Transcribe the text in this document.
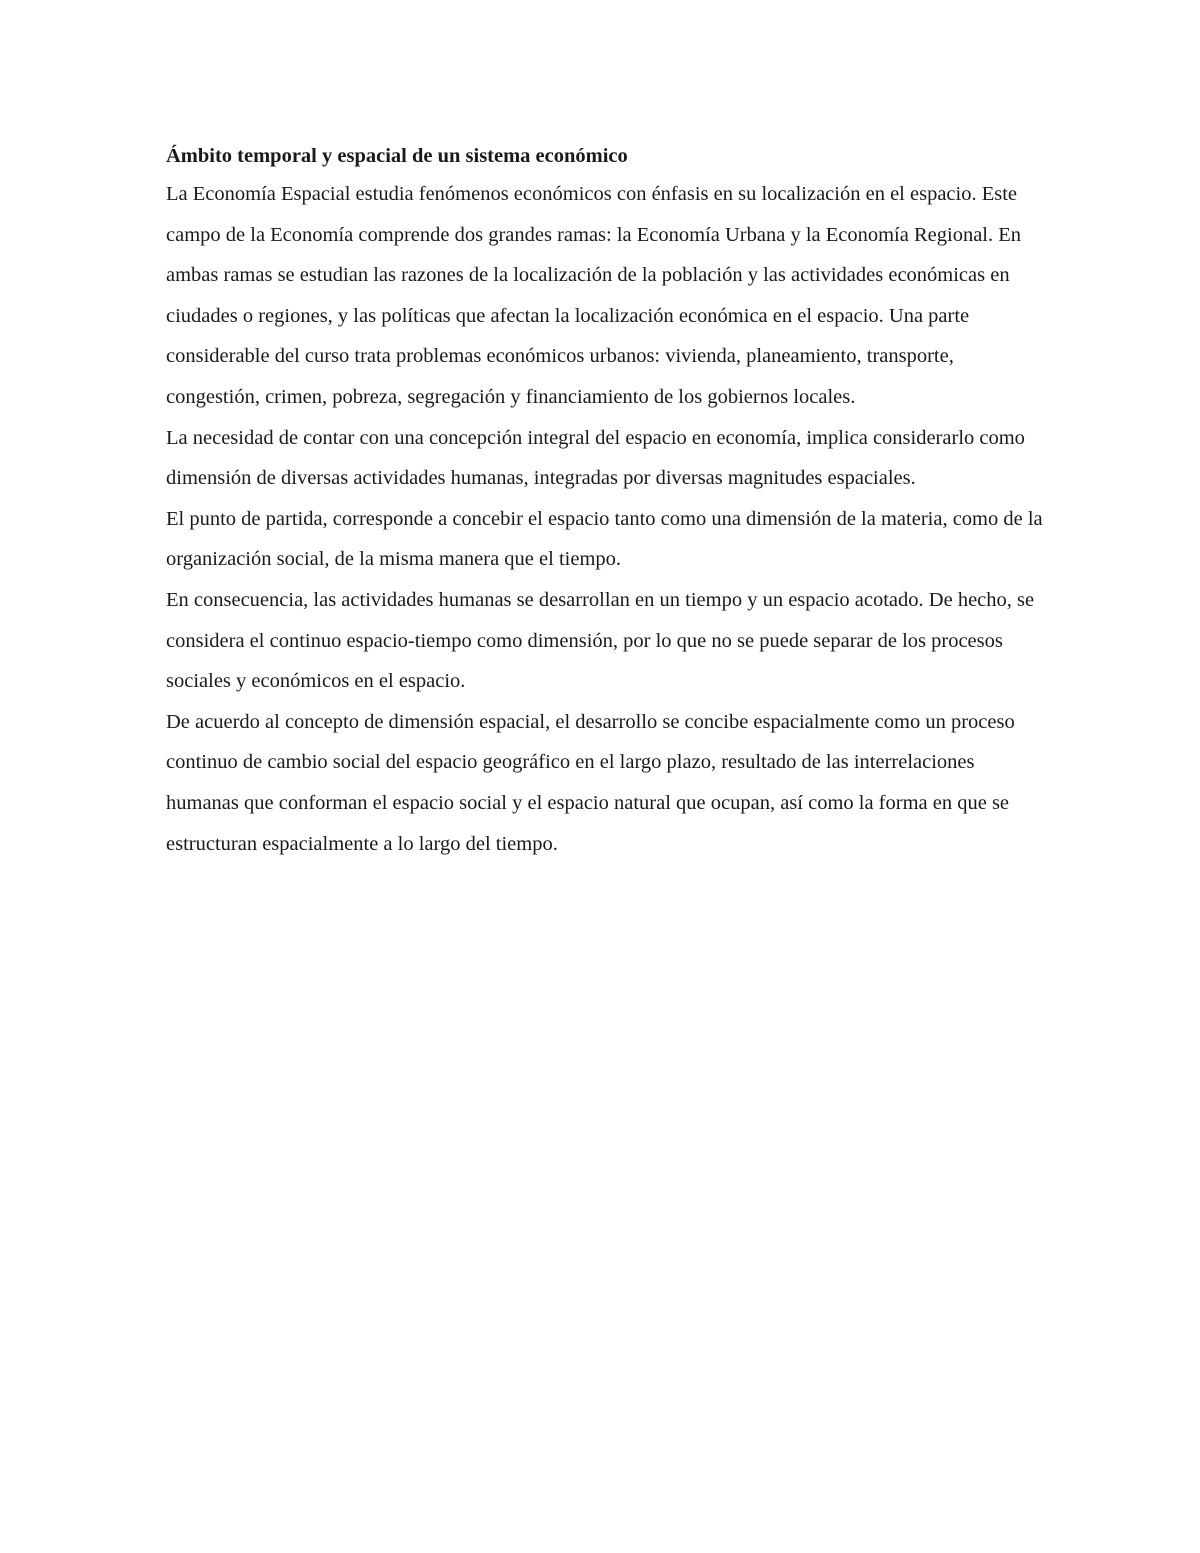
Ámbito temporal y espacial de un sistema económico

La Economía Espacial estudia fenómenos económicos con énfasis en su localización en el espacio. Este campo de la Economía comprende dos grandes ramas: la Economía Urbana y la Economía Regional. En ambas ramas se estudian las razones de la localización de la población y las actividades económicas en ciudades o regiones, y las políticas que afectan la localización económica en el espacio. Una parte considerable del curso trata problemas económicos urbanos: vivienda, planeamiento, transporte, congestión, crimen, pobreza, segregación y financiamiento de los gobiernos locales.

La necesidad de contar con una concepción integral del espacio en economía, implica considerarlo como dimensión de diversas actividades humanas, integradas por diversas magnitudes espaciales.

El punto de partida, corresponde a concebir el espacio tanto como una dimensión de la materia, como de la organización social, de la misma manera que el tiempo.

En consecuencia, las actividades humanas se desarrollan en un tiempo y un espacio acotado. De hecho, se considera el continuo espacio-tiempo como dimensión, por lo que no se puede separar de los procesos sociales y económicos en el espacio.

De acuerdo al concepto de dimensión espacial, el desarrollo se concibe espacialmente como un proceso continuo de cambio social del espacio geográfico en el largo plazo, resultado de las interrelaciones humanas que conforman el espacio social y el espacio natural que ocupan, así como la forma en que se estructuran espacialmente a lo largo del tiempo.
